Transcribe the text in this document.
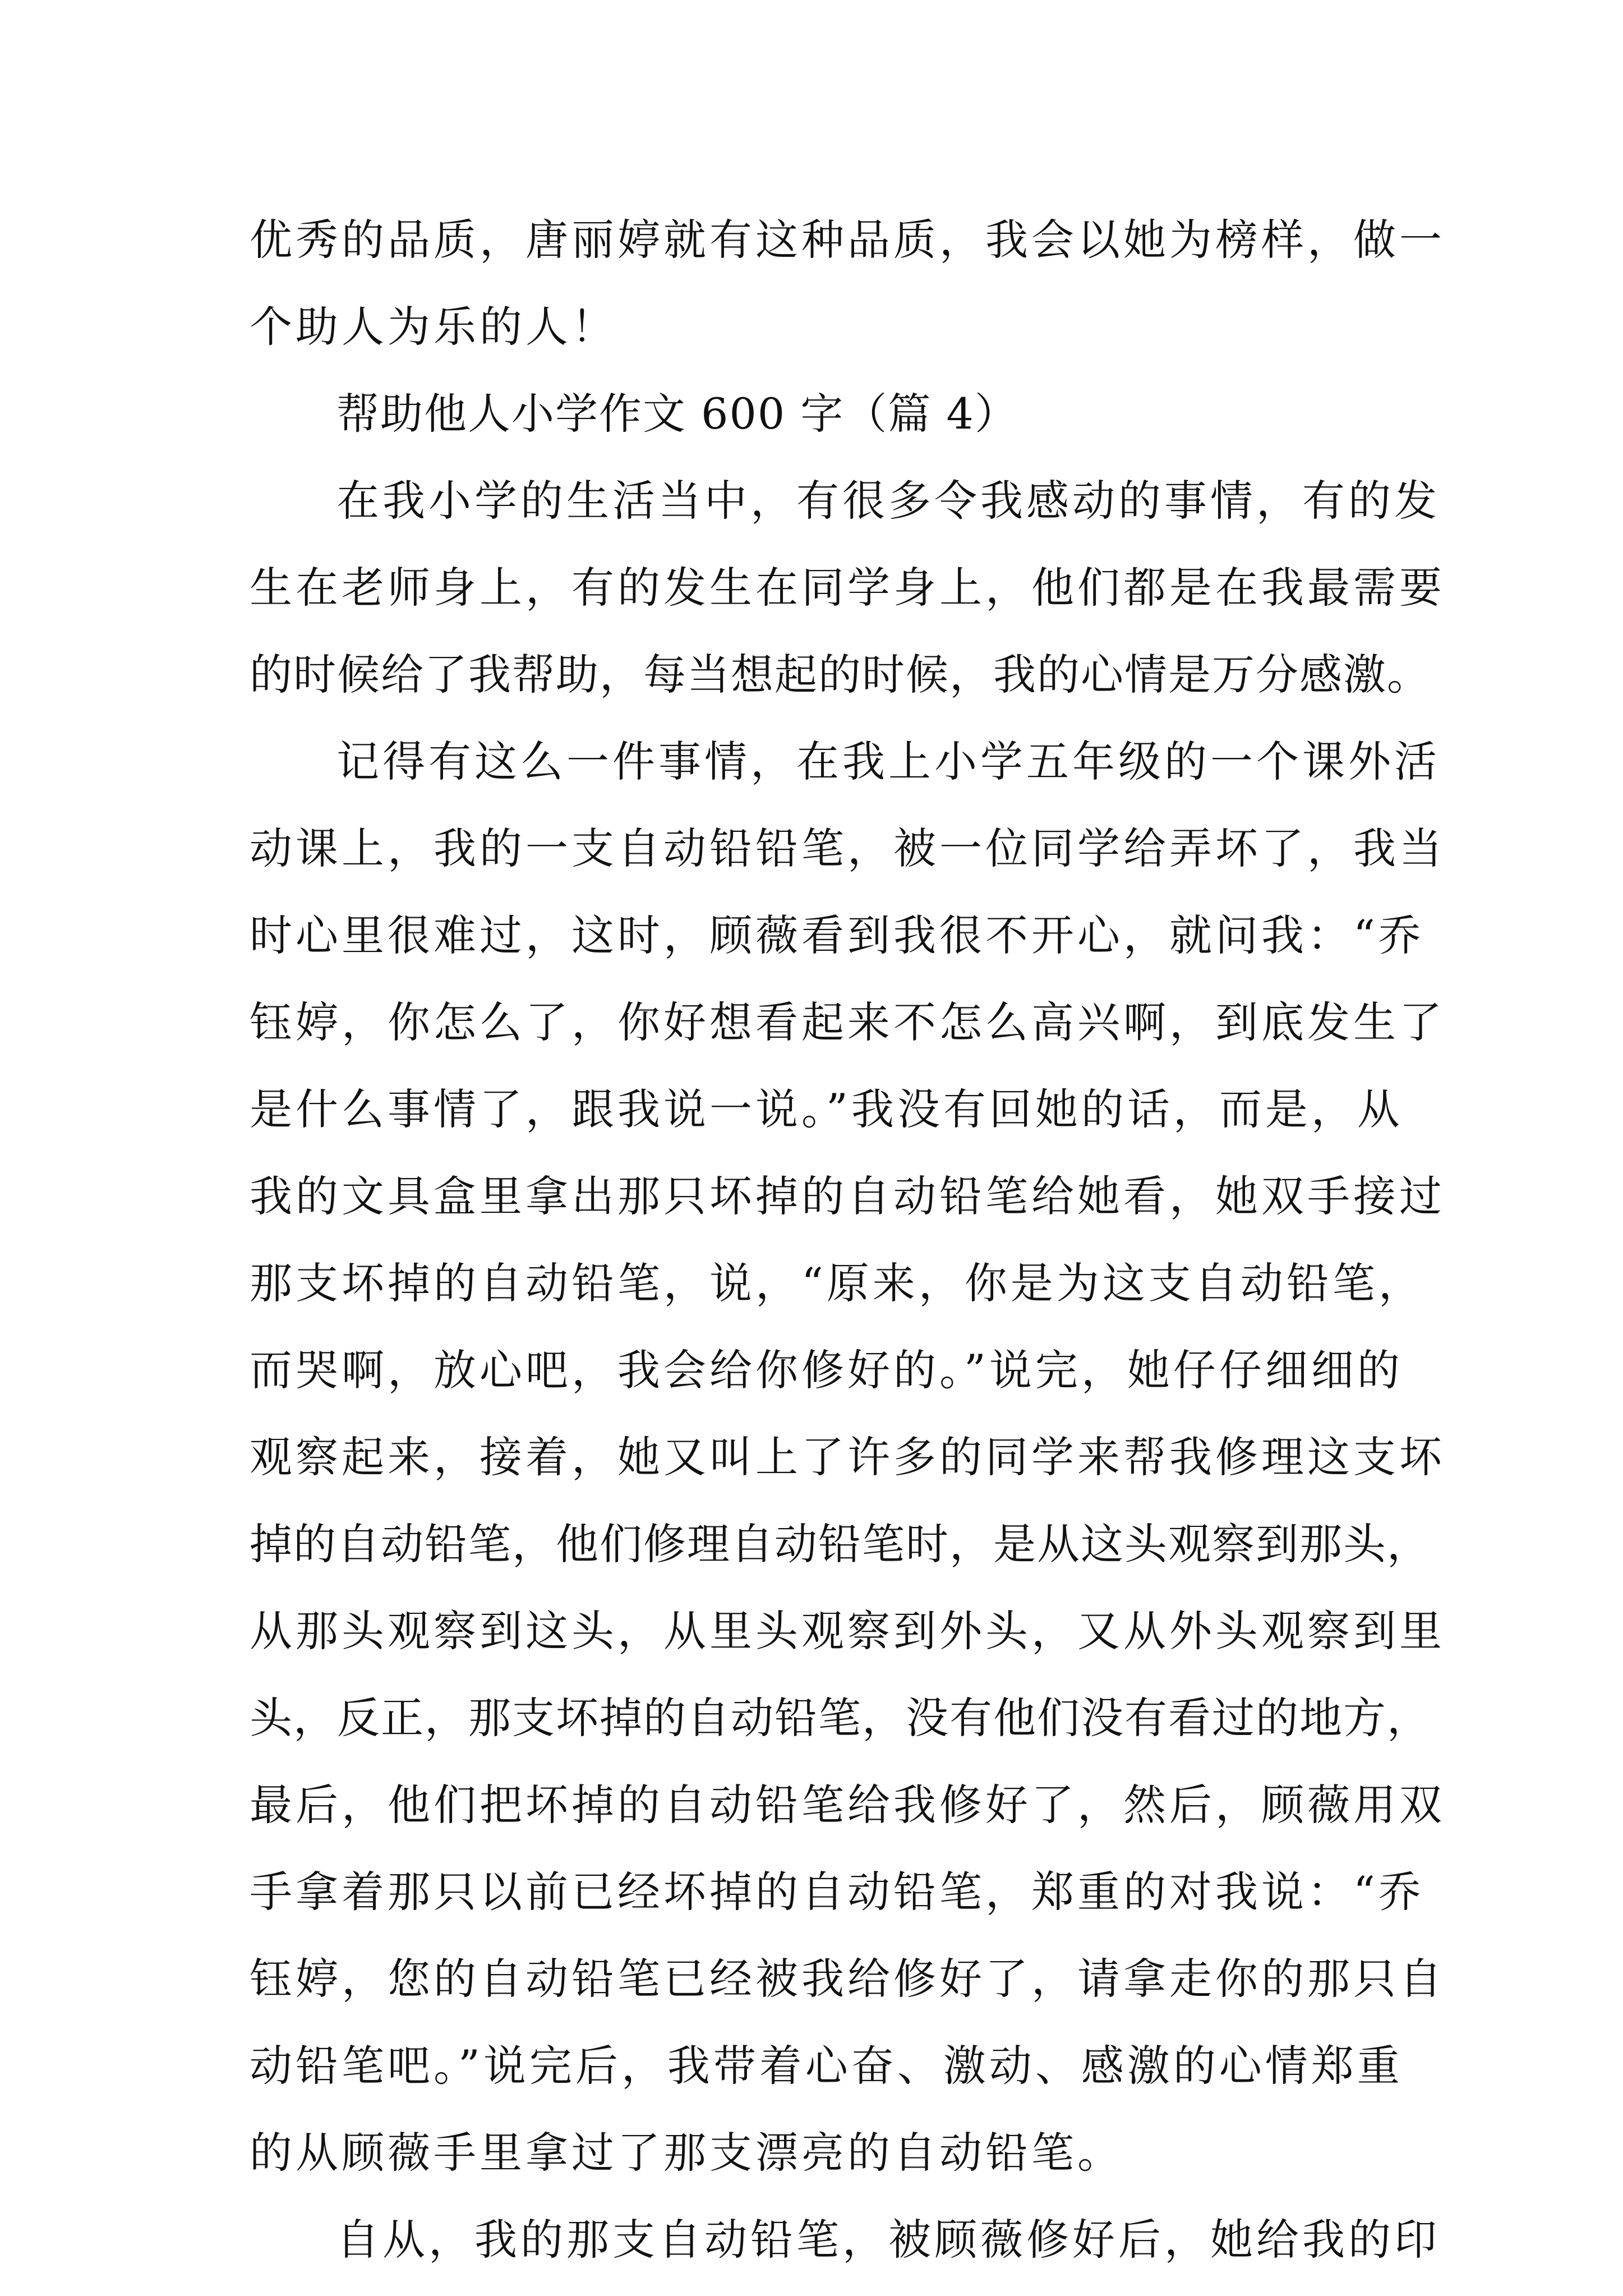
优秀的品质，唐丽婷就有这种品质，我会以她为榜样，做一
个助人为乐的人！
帮助他人小学作文 600 字（篇 4）
在我小学的生活当中，有很多令我感动的事情，有的发
生在老师身上，有的发生在同学身上，他们都是在我最需要
的时候给了我帮助，每当想起的时候，我的心情是万分感激。
记得有这么一件事情，在我上小学五年级的一个课外活
动课上，我的一支自动铅铅笔，被一位同学给弄坏了，我当
时心里很难过，这时，顾薇看到我很不开心，就问我：“乔
钰婷，你怎么了，你好想看起来不怎么高兴啊，到底发生了
是什么事情了，跟我说一说。”我没有回她的话，而是，从
我的文具盒里拿出那只坏掉的自动铅笔给她看，她双手接过
那支坏掉的自动铅笔，说，“原来，你是为这支自动铅笔，
而哭啊，放心吧，我会给你修好的。”说完，她仔仔细细的
观察起来，接着，她又叫上了许多的同学来帮我修理这支坏
掉的自动铅笔，他们修理自动铅笔时，是从这头观察到那头，
从那头观察到这头，从里头观察到外头，又从外头观察到里
头，反正，那支坏掉的自动铅笔，没有他们没有看过的地方，
最后，他们把坏掉的自动铅笔给我修好了，然后，顾薇用双
手拿着那只以前已经坏掉的自动铅笔，郑重的对我说：“乔
钰婷，您的自动铅笔已经被我给修好了，请拿走你的那只自
动铅笔吧。”说完后，我带着心奋、激动、感激的心情郑重
的从顾薇手里拿过了那支漂亮的自动铅笔。
自从，我的那支自动铅笔，被顾薇修好后，她给我的印
